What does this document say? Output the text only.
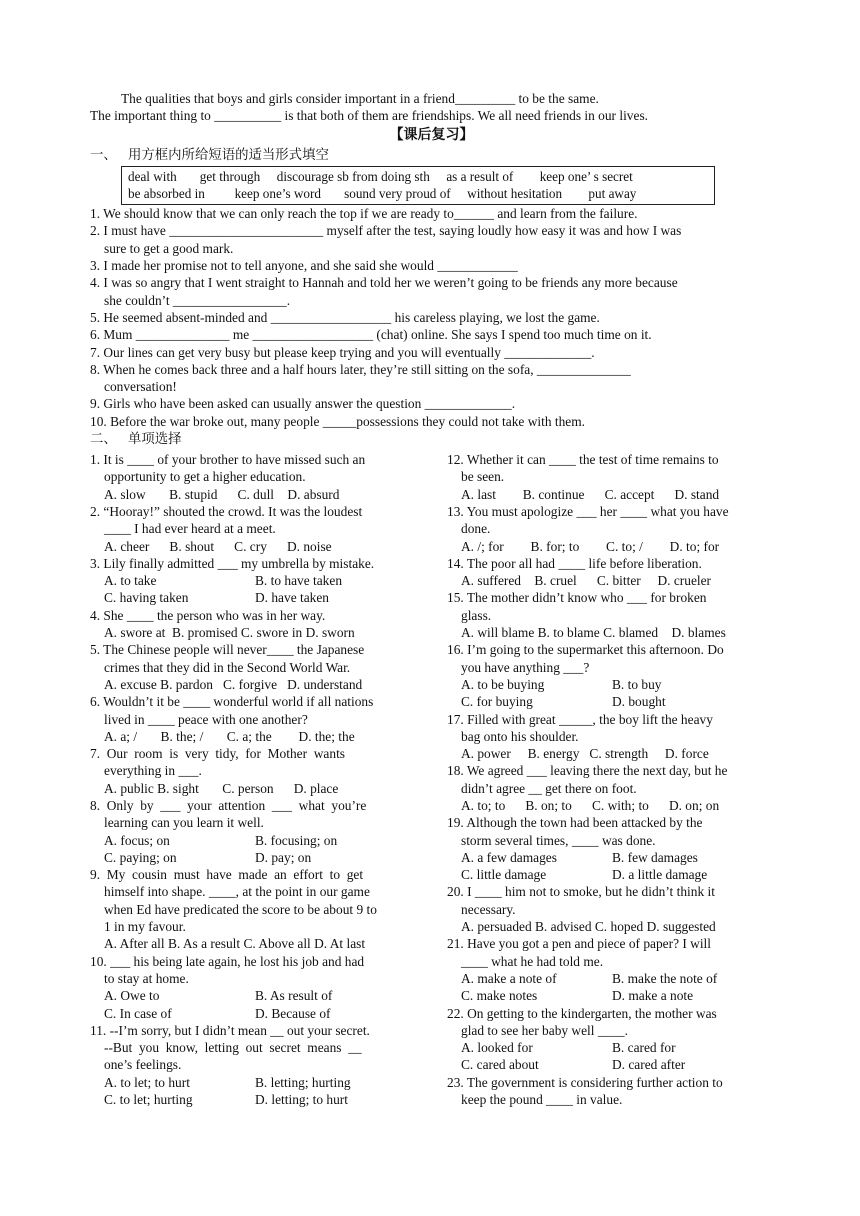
The qualities that boys and girls consider important in a friend_________ to be the same.
The important thing to __________ is that both of them are friendships. We all need friends in our lives.
【课后复习】
一、 用方框内所给短语的适当形式填空
deal with get through discourage sb from doing sth as a result of keep one’ s secret
be absorbed in keep one’s word sound very proud of without hesitation put away
1. We should know that we can only reach the top if we are ready to______ and learn from the failure.
2. I must have _______________________ myself after the test, saying loudly how easy it was and how I was
sure to get a good mark.
3. I made her promise not to tell anyone, and she said she would ____________
4. I was so angry that I went straight to Hannah and told her we weren’t going to be friends any more because
she couldn’t _________________.
5. He seemed absent-minded and __________________ his careless playing, we lost the game.
6. Mum ______________ me __________________ (chat) online. She says I spend too much time on it.
7. Our lines can get very busy but please keep trying and you will eventually _____________.
8. When he comes back three and a half hours later, they’re still sitting on the sofa, ______________
conversation!
9. Girls who have been asked can usually answer the question _____________.
10. Before the war broke out, many people _____possessions they could not take with them.
二、 单项选择
1. It is ____ of your brother to have missed such an
opportunity to get a higher education.
A. slow       B. stupid      C. dull    D. absurd
2. “Hooray!” shouted the crowd. It was the loudest
____ I had ever heard at a meet.
A. cheer      B. shout      C. cry      D. noise
3. Lily finally admitted ___ my umbrella by mistake.
A. to take	B. to have taken
C. having taken	D. have taken
4. She ____ the person who was in her way.
A. swore at  B. promised C. swore in D. sworn
5. The Chinese people will never____ the Japanese
crimes that they did in the Second World War.
A. excuse B. pardon   C. forgive   D. understand
6. Wouldn’t it be ____ wonderful world if all nations
lived in ____ peace with one another?
A. a; /       B. the; /       C. a; the        D. the; the
7.  Our  room  is  very  tidy,  for  Mother  wants
everything in ___.
A. public B. sight       C. person      D. place
8.  Only  by  ___  your  attention  ___  what  you’re
learning can you learn it well.
A. focus; on	B. focusing; on
C. paying; on	D. pay; on
9.  My  cousin  must  have  made  an  effort  to  get
himself into shape. ____, at the point in our game
when Ed have predicated the score to be about 9 to
1 in my favour.
A. After all B. As a result C. Above all D. At last
10. ___ his being late again, he lost his job and had
to stay at home.
A. Owe to	B. As result of
C. In case of	D. Because of
11. --I’m sorry, but I didn’t mean __ out your secret.
--But  you  know,  letting  out  secret  means  __
one’s feelings.
A. to let; to hurt	B. letting; hurting
C. to let; hurting	D. letting; to hurt
12. Whether it can ____ the test of time remains to
be seen.
A. last        B. continue      C. accept      D. stand
13. You must apologize ___ her ____ what you have
done.
A. /; for        B. for; to        C. to; /        D. to; for
14. The poor all had ____ life before liberation.
A. suffered    B. cruel      C. bitter     D. crueler
15. The mother didn’t know who ___ for broken
glass.
A. will blame B. to blame C. blamed    D. blames
16. I’m going to the supermarket this afternoon. Do
you have anything ___?
A. to be buying	B. to buy
C. for buying	D. bought
17. Filled with great _____, the boy lift the heavy
bag onto his shoulder.
A. power     B. energy   C. strength     D. force
18. We agreed ___ leaving there the next day, but he
didn’t agree __ get there on foot.
A. to; to      B. on; to      C. with; to      D. on; on
19. Although the town had been attacked by the
storm several times, ____ was done.
A. a few damages	B. few damages
C. little damage	D. a little damage
20. I ____ him not to smoke, but he didn’t think it
necessary.
A. persuaded B. advised C. hoped D. suggested
21. Have you got a pen and piece of paper? I will
____ what he had told me.
A. make a note of	B. make the note of
C. make notes	D. make a note
22. On getting to the kindergarten, the mother was
glad to see her baby well ____.
A. looked for	B. cared for
C. cared about	D. cared after
23. The government is considering further action to
keep the pound ____ in value.
